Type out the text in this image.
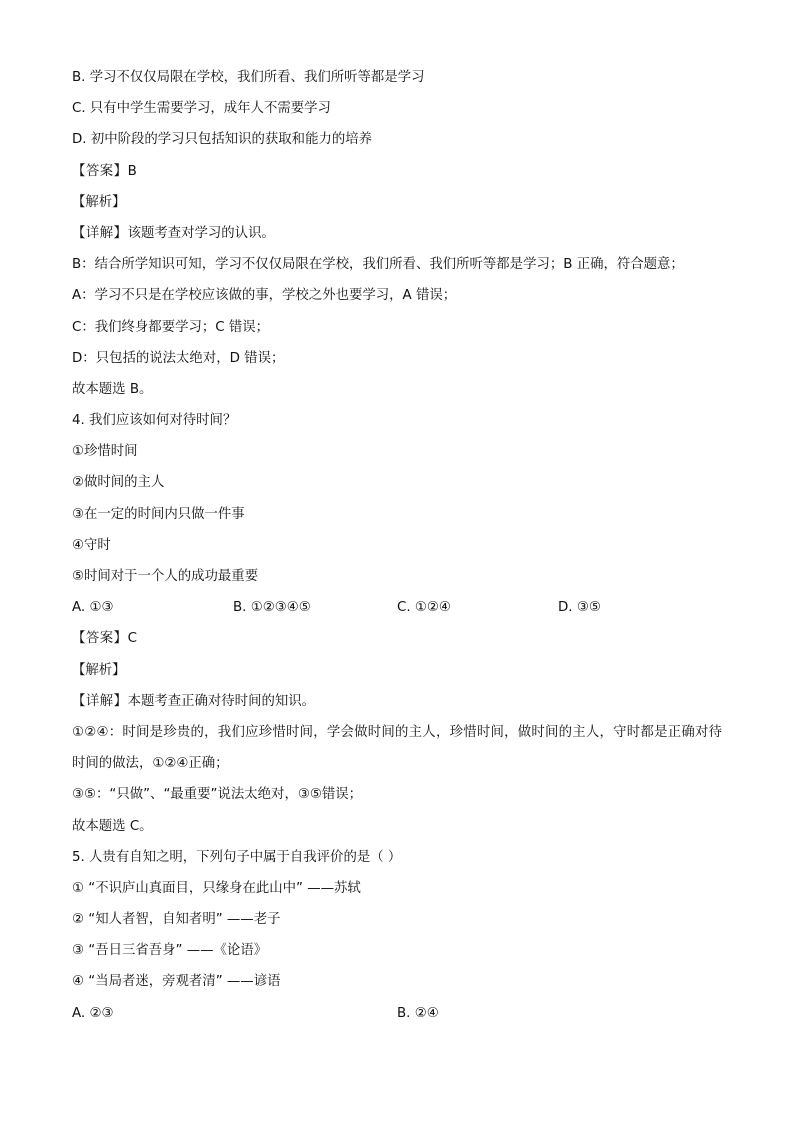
B. 学习不仅仅局限在学校，我们所看、我们所听等都是学习
C. 只有中学生需要学习，成年人不需要学习
D. 初中阶段的学习只包括知识的获取和能力的培养
【答案】B
【解析】
【详解】该题考查对学习的认识。
B：结合所学知识可知，学习不仅仅局限在学校，我们所看、我们所听等都是学习；B 正确，符合题意；
A：学习不只是在学校应该做的事，学校之外也要学习，A 错误；
C：我们终身都要学习；C 错误；
D：只包括的说法太绝对，D 错误；
故本题选 B。
4. 我们应该如何对待时间？
①珍惜时间
②做时间的主人
③在一定的时间内只做一件事
④守时
⑤时间对于一个人的成功最重要
A. ①③	B. ①②③④⑤	C. ①②④	D. ③⑤
【答案】C
【解析】
【详解】本题考查正确对待时间的知识。
①②④：时间是珍贵的，我们应珍惜时间，学会做时间的主人，珍惜时间，做时间的主人，守时都是正确对待时间的做法，①②④正确；
③⑤：“只做”、“最重要”说法太绝对，③⑤错误；
故本题选 C。
5. 人贵有自知之明，下列句子中属于自我评价的是（ ）
① “不识庐山真面目，只缘身在此山中” ——苏轼
② “知人者智，自知者明” ——老子
③ “吾日三省吾身” ——《论语》
④ “当局者迷，旁观者清” ——谚语
A. ②③	B. ②④
